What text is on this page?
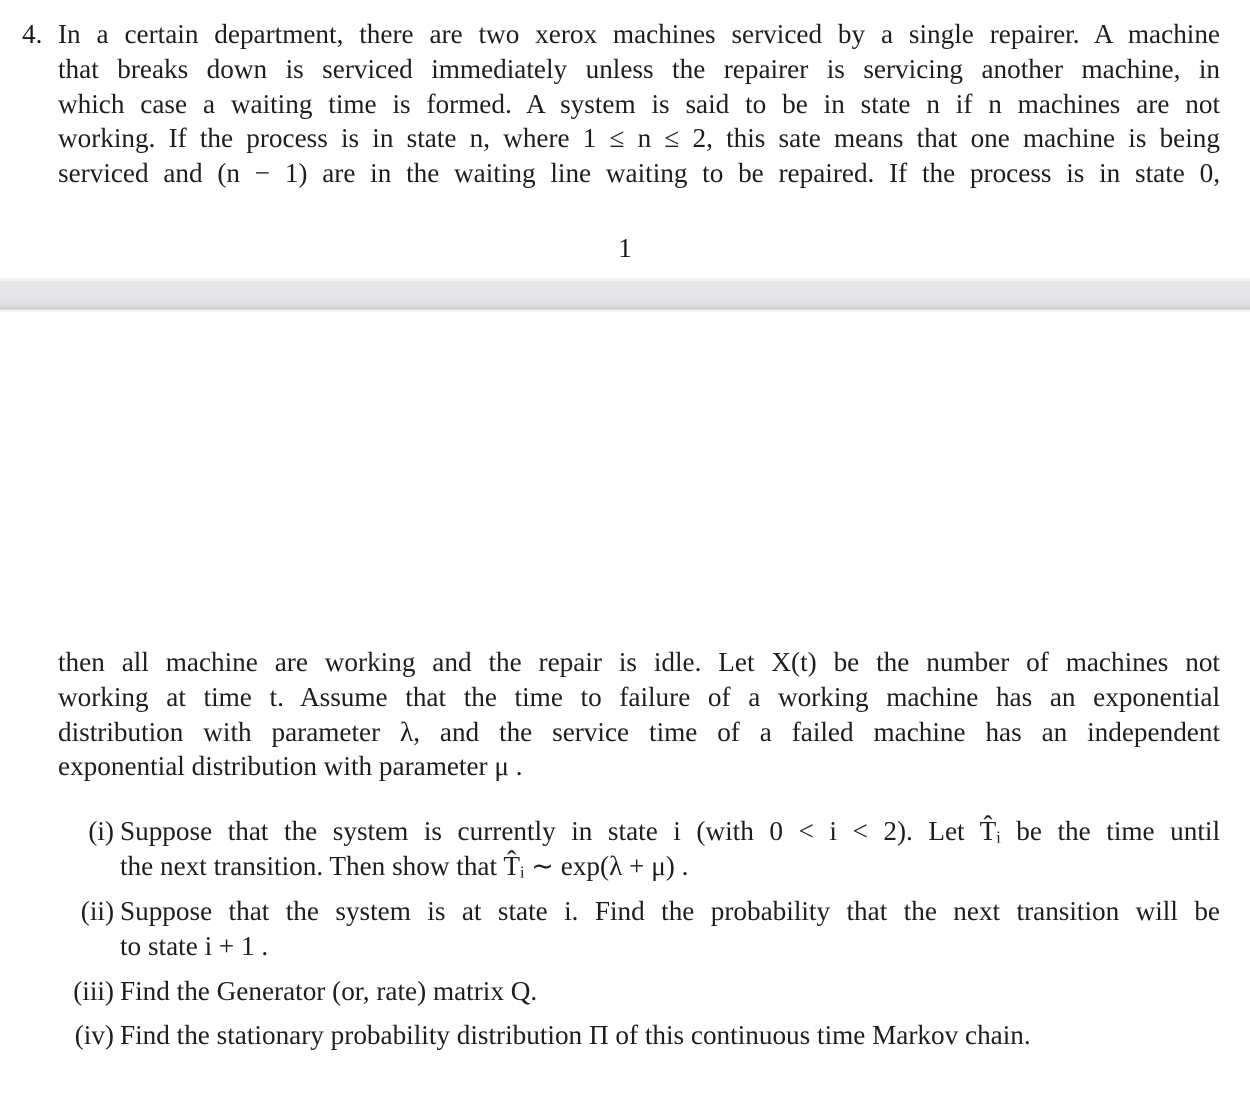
4. In a certain department, there are two xerox machines serviced by a single repairer. A machine
that breaks down is serviced immediately unless the repairer is servicing another machine, in
which case a waiting time is formed. A system is said to be in state n if n machines are not
working. If the process is in state n, where 1 ≤ n ≤ 2, this sate means that one machine is being
serviced and (n − 1) are in the waiting line waiting to be repaired. If the process is in state 0,
1
then all machine are working and the repair is idle. Let X(t) be the number of machines not
working at time t. Assume that the time to failure of a working machine has an exponential
distribution with parameter λ, and the service time of a failed machine has an independent
exponential distribution with parameter μ .
(i) Suppose that the system is currently in state i (with 0 < i < 2). Let T̂ᵢ be the time until
the next transition. Then show that T̂ᵢ ∼ exp(λ + μ) .
(ii) Suppose that the system is at state i. Find the probability that the next transition will be
to state i + 1 .
(iii) Find the Generator (or, rate) matrix Q.
(iv) Find the stationary probability distribution Π of this continuous time Markov chain.
